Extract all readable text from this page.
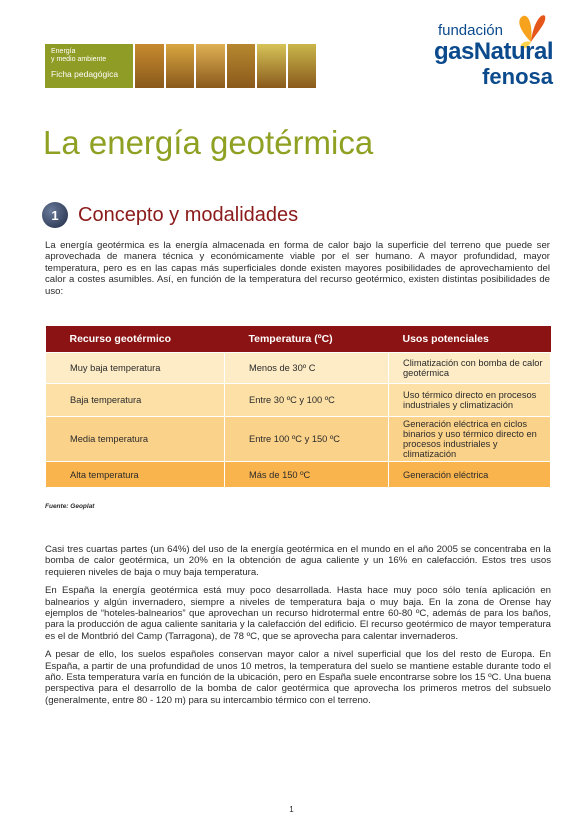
Energía
y medio ambiente
Ficha pedagógica
fundación
gasNatural
fenosa
La energía geotérmica
1 Concepto y modalidades

La energía geotérmica es la energía almacenada en forma de calor bajo la superficie del terreno que puede ser aprovechada de manera técnica y económicamente viable por el ser humano. A mayor profundidad, mayor temperatura, pero es en las capas más superficiales donde existen mayores posibilidades de aprovechamiento del calor a costes asumibles. Así, en función de la temperatura del recurso geotérmico, existen distintas posibilidades de uso:

Recurso geotérmico	Temperatura (ºC)	Usos potenciales
Muy baja temperatura	Menos de 30º C	Climatización con bomba de calor geotérmica
Baja temperatura	Entre 30 ºC y 100 ºC	Uso térmico directo en procesos industriales y climatización
Media temperatura	Entre 100 ºC y 150 ºC	Generación eléctrica en ciclos binarios y uso térmico directo en procesos industriales y climatización
Alta temperatura	Más de 150 ºC	Generación eléctrica
Fuente: Geoplat

Casi tres cuartas partes (un 64%) del uso de la energía geotérmica en el mundo en el año 2005 se concentraba en la bomba de calor geotérmica, un 20% en la obtención de agua caliente y un 16% en calefacción. Estos tres usos requieren niveles de baja o muy baja temperatura.

En España la energía geotérmica está muy poco desarrollada. Hasta hace muy poco sólo tenía aplicación en balnearios y algún invernadero, siempre a niveles de temperatura baja o muy baja. En la zona de Orense hay ejemplos de “hoteles-balnearios” que aprovechan un recurso hidrotermal entre 60-80 ºC, además de para los baños, para la producción de agua caliente sanitaria y la calefacción del edificio. El recurso geotérmico de mayor temperatura es el de Montbrió del Camp (Tarragona), de 78 ºC, que se aprovecha para calentar invernaderos.

A pesar de ello, los suelos españoles conservan mayor calor a nivel superficial que los del resto de Europa. En España, a partir de una profundidad de unos 10 metros, la temperatura del suelo se mantiene estable durante todo el año. Esta temperatura varía en función de la ubicación, pero en España suele encontrarse sobre los 15 ºC. Una buena perspectiva para el desarrollo de la bomba de calor geotérmica que aprovecha los primeros metros del subsuelo (generalmente, entre 80 - 120 m) para su intercambio térmico con el terreno.

1
